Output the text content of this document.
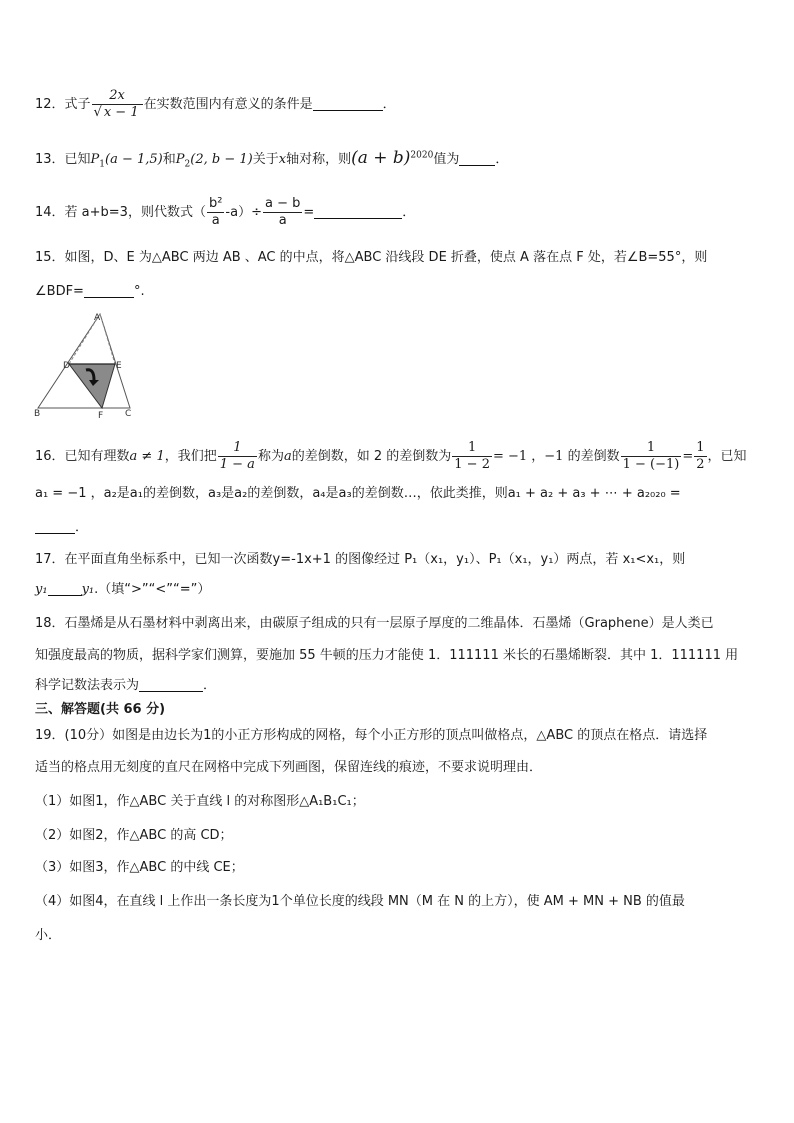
12．式子 $\frac{2x}{√ x - 1}$ 在实数范围内有意义的条件是	．
13．已知$P_1(a - 1,5)$和$P_2(2$, b − 1)关于x轴对称，则$(a + b)^{2020}$值为	．
14．若 a+b=3，则代数式（ $\frac{\text{b²}}{a} -a)\div \frac{a - b}{a}$ =	．
15．如图，D、E 为△ABC 两边 AB 、AC 的中点，将△ABC 沿线段 DE 折叠，使点 A 落在点 F 处，若∠B=55°，则
∠BDF=	°.
A
B	C
D	E
F
16．已知有理数a ≠ 1，我们把 $\frac{1}{1 - a}$ 称为a的差倒数，如 2 的差倒数为 $\frac{1}{1 - 2} = -1$ ，−1 的差倒数 $\frac{1}{1 - (-1)} = \frac{1}{2}$ ，已知
a₁ = −1 ，a₂是a₁的差倒数，a₃是a₂的差倒数，a₄是a₃的差倒数…，依此类推，则a₁ + a₂ + a₃ + ⋯ + a₂₀₂₀ =
．
17．在平面直角坐标系中，已知一次函数y=-1x+1 的图像经过 P₁（x₁，y₁）、P₁（x₁，y₁）两点，若 x₁<x₁，则
y₁	y₁.（填“>”“<”“=”）
18．石墨烯是从石墨材料中剥离出来，由碳原子组成的只有一层原子厚度的二维晶体．石墨烯（Graphene）是人类已
知强度最高的物质，据科学家们测算，要施加 55 牛顿的压力才能使 1．111111 米长的石墨烯断裂．其中 1．111111 用
科学记数法表示为	．
三、解答题(共 66 分)
19．(10分）如图是由边长为1的小正方形构成的网格，每个小正方形的顶点叫做格点，△ABC 的顶点在格点．请选择
适当的格点用无刻度的直尺在网格中完成下列画图，保留连线的痕迹，不要求说明理由．
（1）如图1，作△ABC 关于直线 l 的对称图形△A₁B₁C₁；
（2）如图2，作△ABC 的高 CD；
（3）如图3，作△ABC 的中线 CE；
（4）如图4，在直线 l 上作出一条长度为1个单位长度的线段 MN（M 在 N 的上方），使 AM + MN + NB 的值最
小．
